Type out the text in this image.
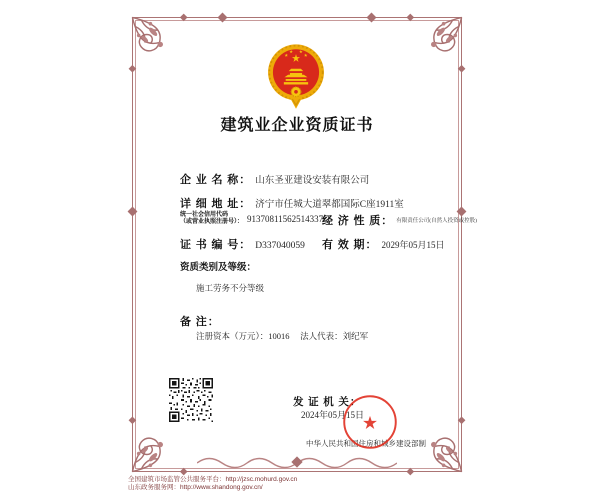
建筑业企业资质证书
企 业 名 称： 山东圣亚建设安装有限公司
详 细 地 址： 济宁市任城大道翠都国际C座1911室
统一社会信用代码
（或营业执照注册号）： 91370811562514337Q
经 济 性 质： 有限责任公司(自然人投资或控股)
证 书 编 号： D337040059 有 效 期： 2029年05月15日
资质类别及等级：
施工劳务不分等级
备 注：
注册资本（万元）：10016　 法人代表：刘纪军
发 证 机 关：
2024年05月15日
中华人民共和国住房和城乡建设部制
全国建筑市场监管公共服务平台：http://jzsc.mohurd.gov.cn
山东政务服务网：http://www.shandong.gov.cn/
